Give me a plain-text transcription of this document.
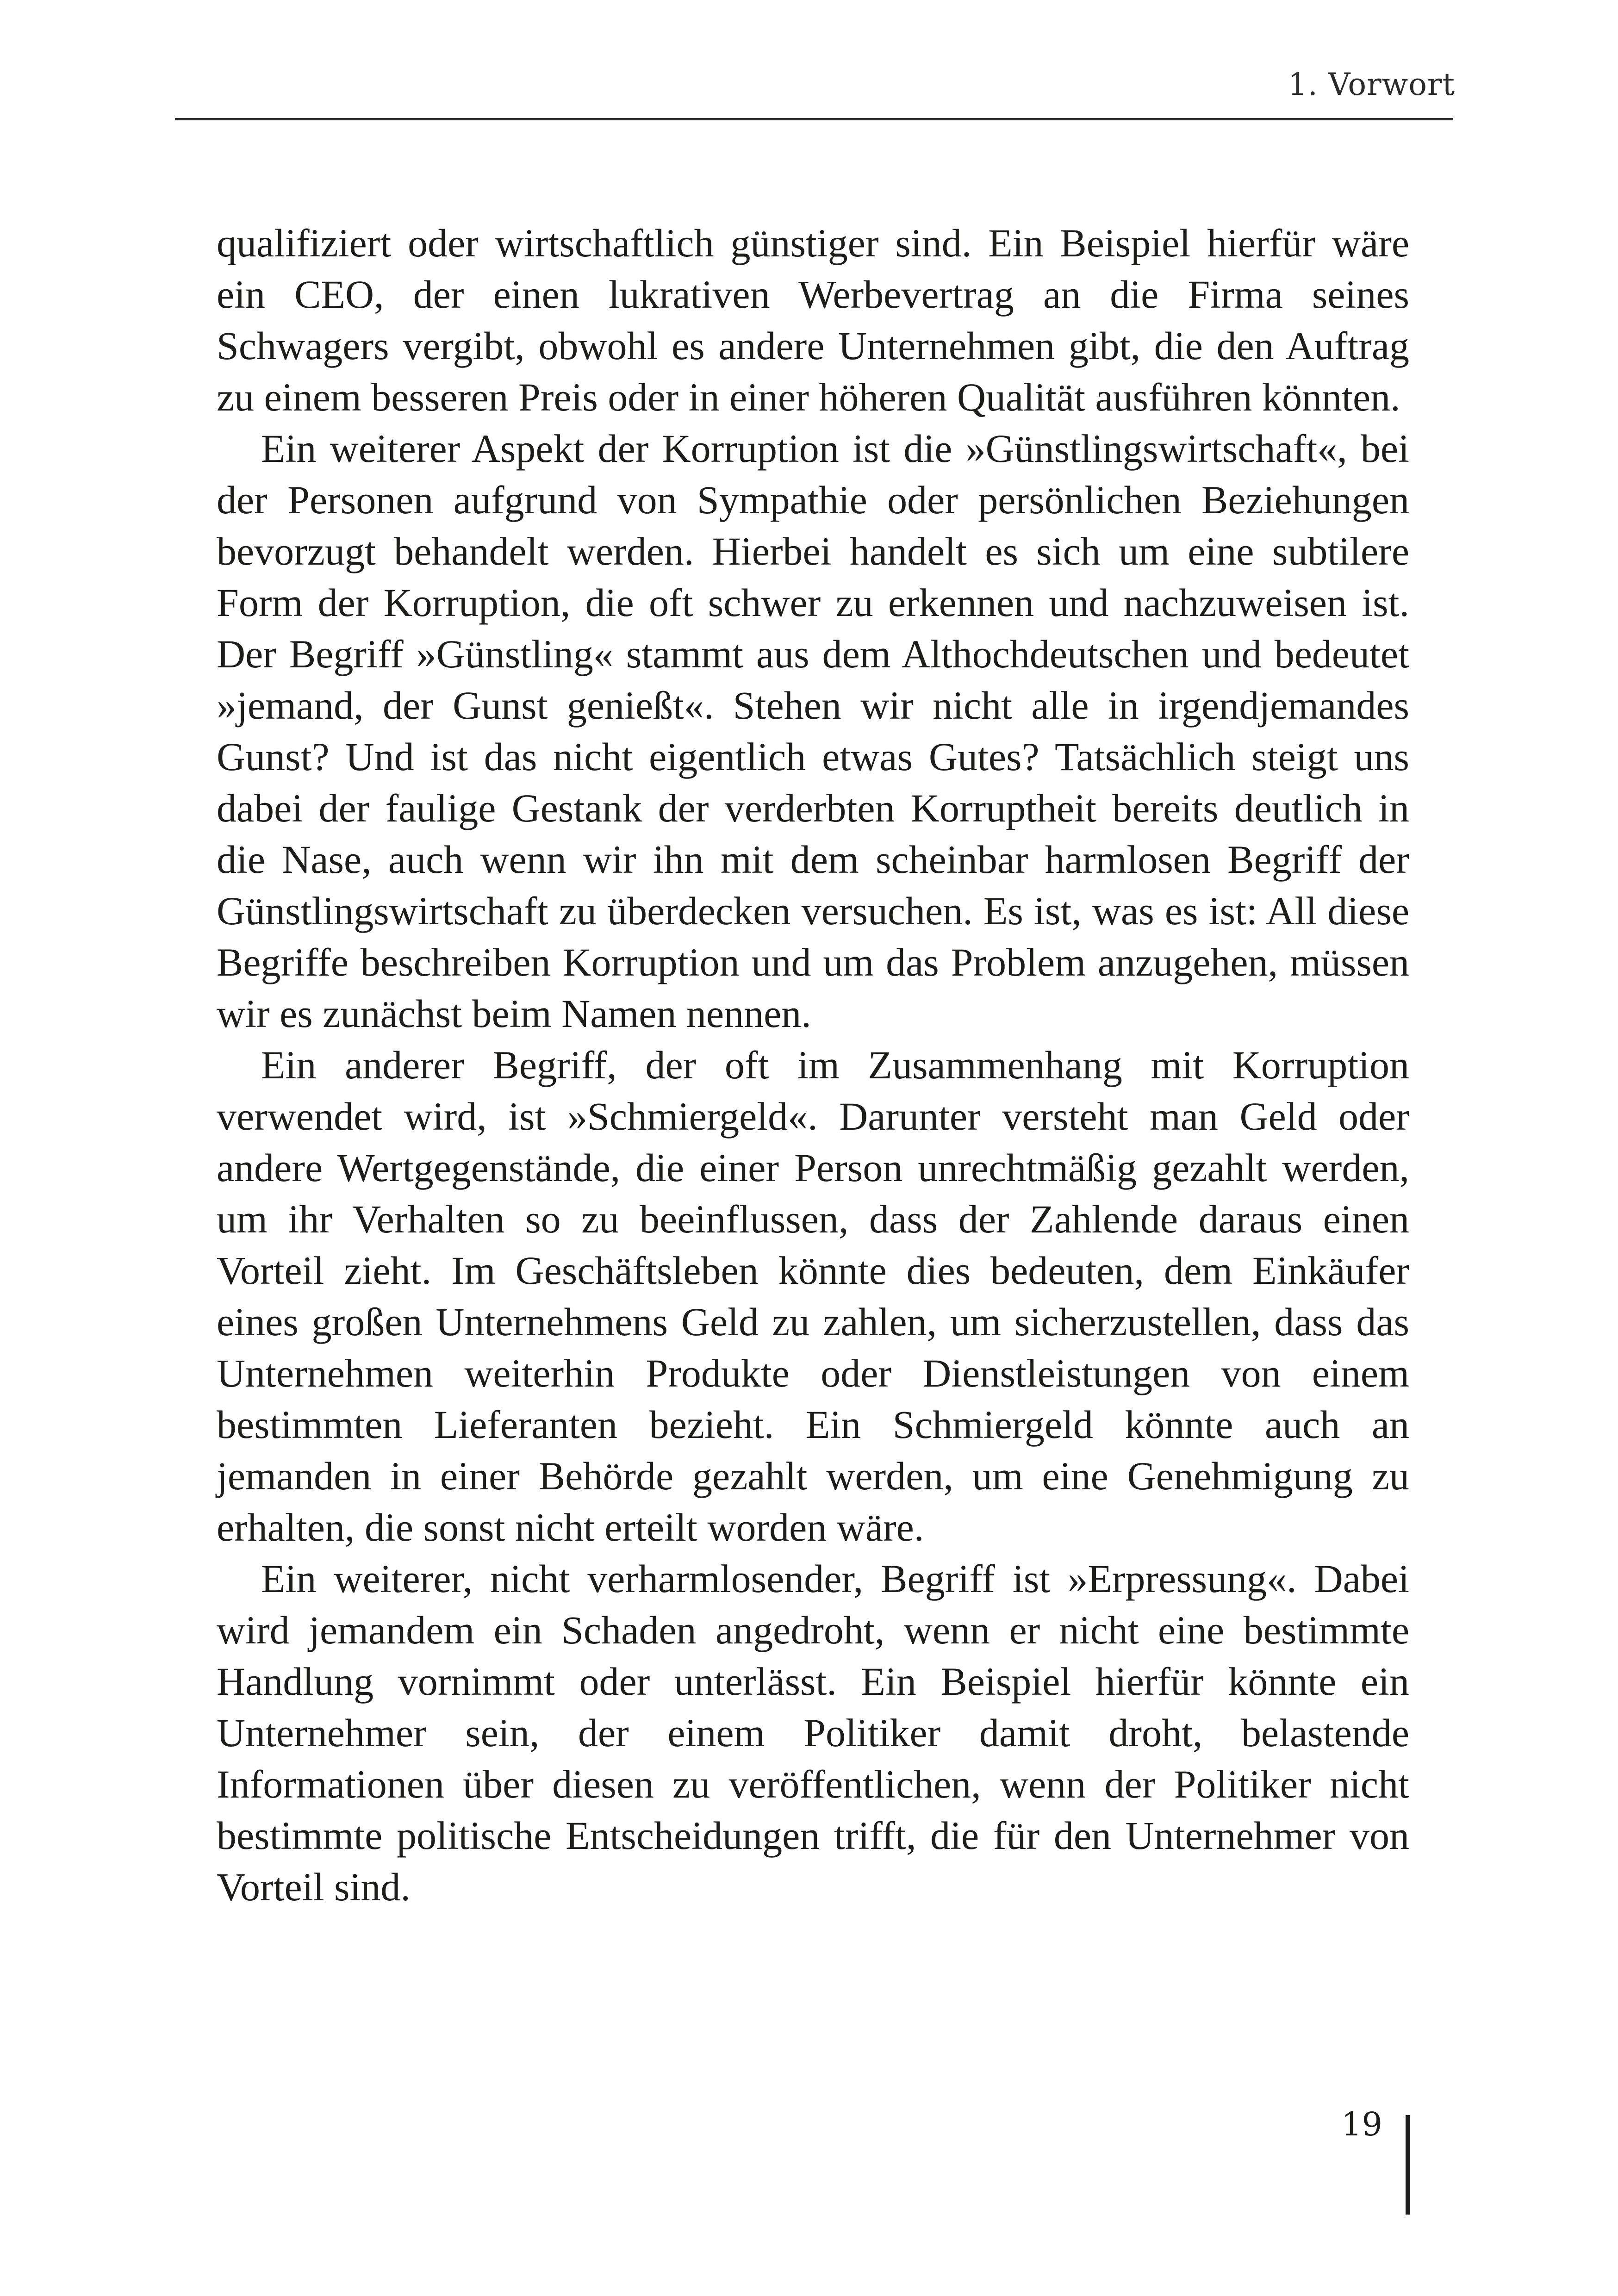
1. Vorwort

qualifiziert oder wirtschaftlich günstiger sind. Ein Beispiel hierfür wäre ein CEO, der einen lukrativen Werbevertrag an die Firma seines Schwagers vergibt, obwohl es andere Unternehmen gibt, die den Auftrag zu einem besseren Preis oder in einer höheren Qualität ausführen könnten.

Ein weiterer Aspekt der Korruption ist die »Günstlingswirtschaft«, bei der Personen aufgrund von Sympathie oder persönlichen Beziehungen bevorzugt behandelt werden. Hierbei handelt es sich um eine subtilere Form der Korruption, die oft schwer zu erkennen und nachzuweisen ist. Der Begriff »Günstling« stammt aus dem Althochdeutschen und bedeutet »jemand, der Gunst genießt«. Stehen wir nicht alle in irgendjemandes Gunst? Und ist das nicht eigentlich etwas Gutes? Tatsächlich steigt uns dabei der faulige Gestank der verderbten Korruptheit bereits deutlich in die Nase, auch wenn wir ihn mit dem scheinbar harmlosen Begriff der Günstlingswirtschaft zu überdecken versuchen. Es ist, was es ist: All diese Begriffe beschreiben Korruption und um das Problem anzugehen, müssen wir es zunächst beim Namen nennen.

Ein anderer Begriff, der oft im Zusammenhang mit Korruption verwendet wird, ist »Schmiergeld«. Darunter versteht man Geld oder andere Wertgegenstände, die einer Person unrechtmäßig gezahlt werden, um ihr Verhalten so zu beeinflussen, dass der Zahlende daraus einen Vorteil zieht. Im Geschäftsleben könnte dies bedeuten, dem Einkäufer eines großen Unternehmens Geld zu zahlen, um sicherzustellen, dass das Unternehmen weiterhin Produkte oder Dienstleistungen von einem bestimmten Lieferanten bezieht. Ein Schmiergeld könnte auch an jemanden in einer Behörde gezahlt werden, um eine Genehmigung zu erhalten, die sonst nicht erteilt worden wäre.

Ein weiterer, nicht verharmlosender, Begriff ist »Erpressung«. Dabei wird jemandem ein Schaden angedroht, wenn er nicht eine bestimmte Handlung vornimmt oder unterlässt. Ein Beispiel hierfür könnte ein Unternehmer sein, der einem Politiker damit droht, belastende Informationen über diesen zu veröffentlichen, wenn der Politiker nicht bestimmte politische Entscheidungen trifft, die für den Unternehmer von Vorteil sind.

19
